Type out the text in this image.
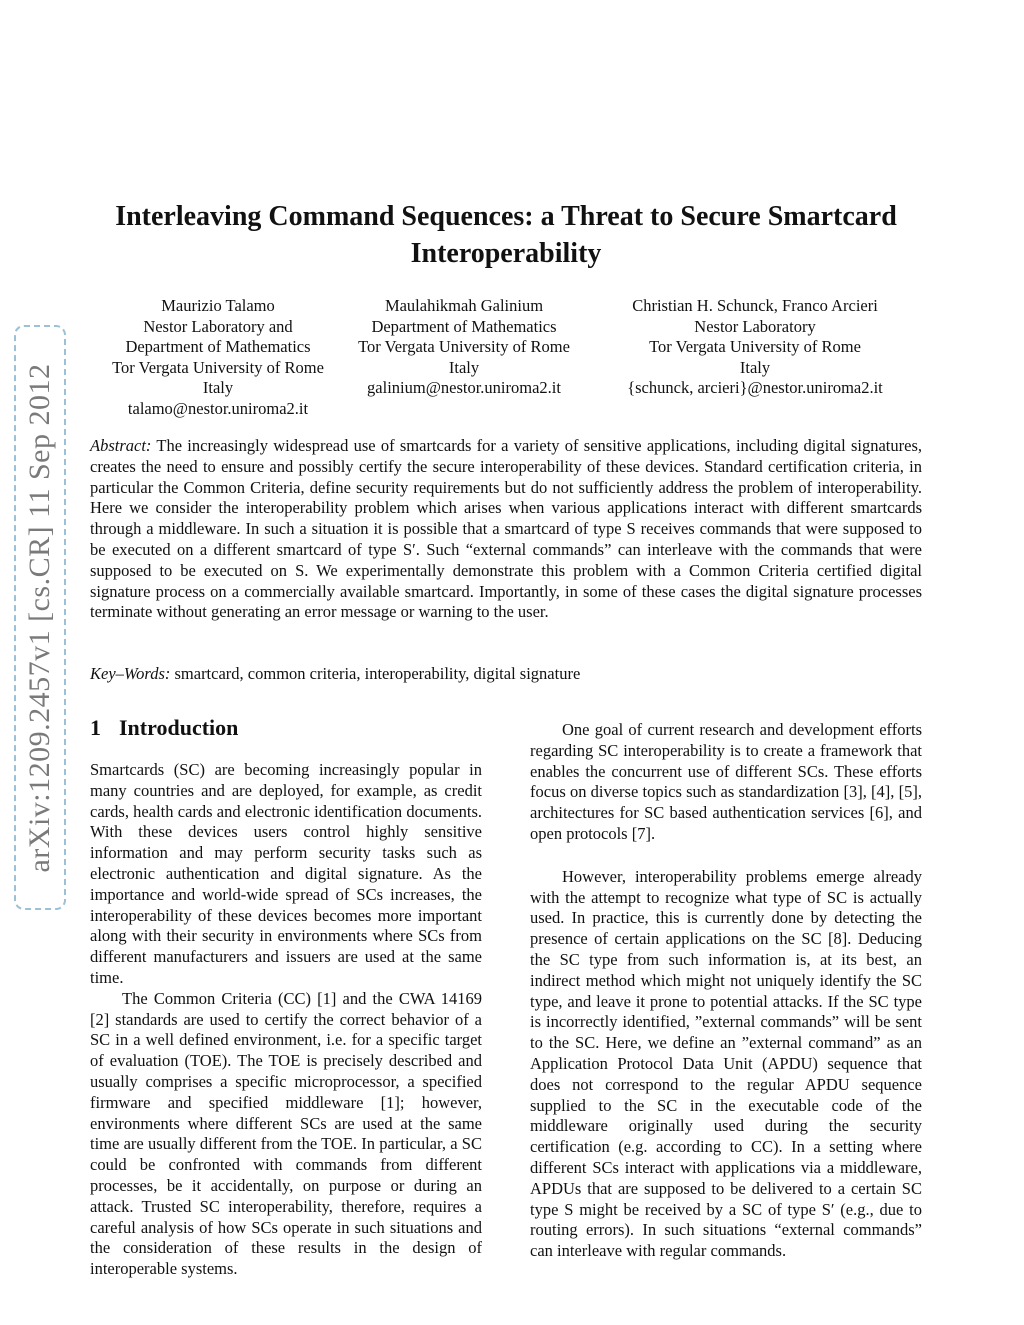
arXiv:1209.2457v1 [cs.CR] 11 Sep 2012
Interleaving Command Sequences: a Threat to Secure Smartcard
Interoperability
Maurizio Talamo
Nestor Laboratory and
Department of Mathematics
Tor Vergata University of Rome
Italy
talamo@nestor.uniroma2.it
Maulahikmah Galinium
Department of Mathematics
Tor Vergata University of Rome
Italy
galinium@nestor.uniroma2.it
Christian H. Schunck, Franco Arcieri
Nestor Laboratory
Tor Vergata University of Rome
Italy
{schunck, arcieri}@nestor.uniroma2.it
Abstract: The increasingly widespread use of smartcards for a variety of sensitive applications, including digital signatures, creates the need to ensure and possibly certify the secure interoperability of these devices. Standard certification criteria, in particular the Common Criteria, define security requirements but do not sufficiently address the problem of interoperability. Here we consider the interoperability problem which arises when various applications interact with different smartcards through a middleware. In such a situation it is possible that a smartcard of type S receives commands that were supposed to be executed on a different smartcard of type S′. Such “external commands” can interleave with the commands that were supposed to be executed on S. We experimentally demonstrate this problem with a Common Criteria certified digital signature process on a commercially available smartcard. Importantly, in some of these cases the digital signature processes terminate without generating an error message or warning to the user.
Key–Words: smartcard, common criteria, interoperability, digital signature
1 Introduction

Smartcards (SC) are becoming increasingly popular in many countries and are deployed, for example, as credit cards, health cards and electronic identification documents. With these devices users control highly sensitive information and may perform security tasks such as electronic authentication and digital signature. As the importance and world-wide spread of SCs increases, the interoperability of these devices becomes more important along with their security in environments where SCs from different manufacturers and issuers are used at the same time.

The Common Criteria (CC) [1] and the CWA 14169 [2] standards are used to certify the correct behavior of a SC in a well defined environment, i.e. for a specific target of evaluation (TOE). The TOE is precisely described and usually comprises a specific microprocessor, a specified firmware and specified middleware [1]; however, environments where different SCs are used at the same time are usually different from the TOE. In particular, a SC could be confronted with commands from different processes, be it accidentally, on purpose or during an attack. Trusted SC interoperability, therefore, requires a careful analysis of how SCs operate in such situations and the consideration of these results in the design of interoperable systems.

One goal of current research and development efforts regarding SC interoperability is to create a framework that enables the concurrent use of different SCs. These efforts focus on diverse topics such as standardization [3], [4], [5], architectures for SC based authentication services [6], and open protocols [7].

However, interoperability problems emerge already with the attempt to recognize what type of SC is actually used. In practice, this is currently done by detecting the presence of certain applications on the SC [8]. Deducing the SC type from such information is, at its best, an indirect method which might not uniquely identify the SC type, and leave it prone to potential attacks. If the SC type is incorrectly identified, ”external commands” will be sent to the SC. Here, we define an ”external command” as an Application Protocol Data Unit (APDU) sequence that does not correspond to the regular APDU sequence supplied to the SC in the executable code of the middleware originally used during the security certification (e.g. according to CC). In a setting where different SCs interact with applications via a middleware, APDUs that are supposed to be delivered to a certain SC type S might be received by a SC of type S′ (e.g., due to routing errors). In such situations “external commands” can interleave with regular commands.
